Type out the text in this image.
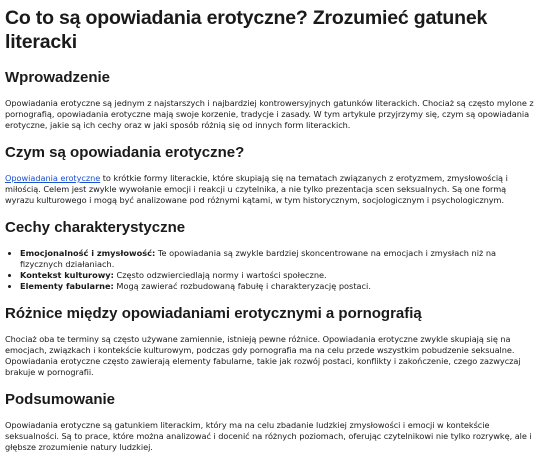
Co to są opowiadania erotyczne? Zrozumieć gatunek literacki
Wprowadzenie

Opowiadania erotyczne są jednym z najstarszych i najbardziej kontrowersyjnych gatunków literackich. Chociaż są często mylone z pornografią, opowiadania erotyczne mają swoje korzenie, tradycje i zasady. W tym artykule przyjrzymy się, czym są opowiadania erotyczne, jakie są ich cechy oraz w jaki sposób różnią się od innych form literackich.

Czym są opowiadania erotyczne?

Opowiadania erotyczne to krótkie formy literackie, które skupiają się na tematach związanych z erotyzmem, zmysłowością i miłością. Celem jest zwykle wywołanie emocji i reakcji u czytelnika, a nie tylko prezentacja scen seksualnych. Są one formą wyrazu kulturowego i mogą być analizowane pod różnymi kątami, w tym historycznym, socjologicznym i psychologicznym.

Cechy charakterystyczne
• Emocjonalność i zmysłowość: Te opowiadania są zwykle bardziej skoncentrowane na emocjach i zmysłach niż na fizycznych działaniach.
• Kontekst kulturowy: Często odzwierciedlają normy i wartości społeczne.
• Elementy fabularne: Mogą zawierać rozbudowaną fabułę i charakteryzację postaci.
Różnice między opowiadaniami erotycznymi a pornografią

Chociaż oba te terminy są często używane zamiennie, istnieją pewne różnice. Opowiadania erotyczne zwykle skupiają się na emocjach, związkach i kontekście kulturowym, podczas gdy pornografia ma na celu przede wszystkim pobudzenie seksualne. Opowiadania erotyczne często zawierają elementy fabularne, takie jak rozwój postaci, konflikty i zakończenie, czego zazwyczaj brakuje w pornografii.

Podsumowanie

Opowiadania erotyczne są gatunkiem literackim, który ma na celu zbadanie ludzkiej zmysłowości i emocji w kontekście seksualności. Są to prace, które można analizować i docenić na różnych poziomach, oferując czytelnikowi nie tylko rozrywkę, ale i głębsze zrozumienie natury ludzkiej.
